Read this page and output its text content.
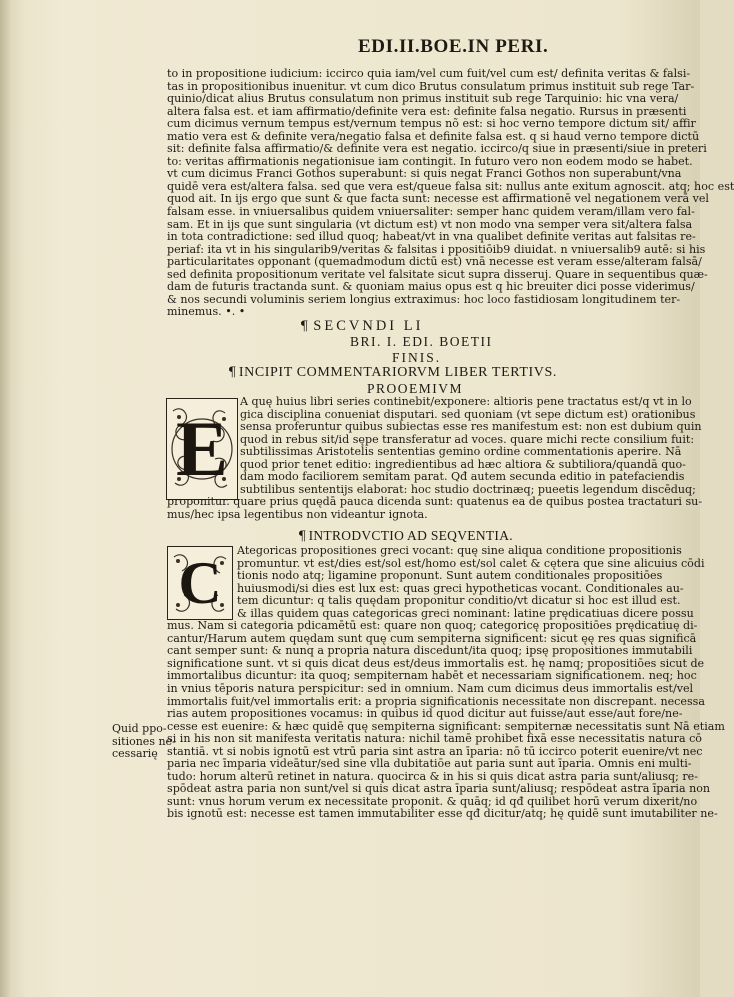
EDI.II.BOE.IN PERI.
to in propositione iudicium: iccirco quia iam/vel cum fuit/vel cum est/ definita veritas & falsi-
tas in propositionibus inuenitur. vt cum dico Brutus consulatum primus instituit sub rege Tar-
quinio/dicat alius Brutus consulatum non primus instituit sub rege Tarquinio: hic vna vera/
altera falsa est. et iam affirmatio/definite vera est: definite falsa negatio. Rursus in præsenti
cum dicimus vernum tempus est/vernum tempus nõ est: si hoc verno tempore dictum sit/ affir
matio vera est & definite vera/negatio falsa et definite falsa est. q si haud verno tempore dictū
sit: definite falsa affirmatio/& definite vera est negatio. iccirco/q siue in præsenti/siue in preteri
to: veritas affirmationis negationisue iam contingit. In futuro vero non eodem modo se habet.
vt cum dicimus Franci Gothos superabunt: si quis negat Franci Gothos non superabunt/vna
quidē vera est/altera falsa. sed que vera est/queue falsa sit: nullus ante exitum agnoscit. atq; hoc est
quod ait. In ijs ergo que sunt & que facta sunt: necesse est affirmationē vel negationem verā vel
falsam esse. in vniuersalibus quidem vniuersaliter: semper hanc quidem veram/illam vero fal-
sam. Et in ijs que sunt singularia (vt dictum est) vt non modo vna semper vera sit/altera falsa
in tota contradictione: sed illud quoq; habeat/vt in vna qualibet definite veritas aut falsitas re-
periaf: ita vt in his singularib9/veritas & falsitas i ppositiōib9 diuidat. n vniuersalib9 autē: si his
particularitates opponant (quemadmodum dictū est) vnā necesse est veram esse/alteram falsā/
sed definita propositionum veritate vel falsitate sicut supra disseruj. Quare in sequentibus quæ-
dam de futuris tractanda sunt. & quoniam maius opus est q hic breuiter dici posse viderimus/
& nos secundi voluminis seriem longius extraximus: hoc loco fastidiosam longitudinem ter-
minemus. •. •
¶ SECVNDI LI
BRI. I. EDI. BOETII
FINIS.
¶ INCIPIT COMMENTARIORVM LIBER TERTIVS.
PROOEMIVM
E
A quę huius libri series continebit/exponere: altioris pene tractatus est/q vt in lo
gica disciplina conueniat disputari. sed quoniam (vt sepe dictum est) orationibus
sensa proferuntur quibus subiectas esse res manifestum est: non est dubium quin
quod in rebus sit/id sępe transferatur ad voces. quare michi recte consilium fuit:
subtilissimas Aristotelis sententias gemino ordine commentationis aperire. Nā
quod prior tenet editio: ingredientibus ad hæc altiora & subtiliora/quandā quo-
dam modo faciliorem semitam parat. Qđ autem secunda editio in patefaciendis
subtilibus sententijs elaborat: hoc studio doctrinæq; pueetis legendum discēduq;
proponitur. quare prius quędā pauca dicenda sunt: quatenus ea de quibus postea tractaturi su-
mus/hec ipsa legentibus non videantur ignota.
¶ INTRODVCTIO AD SEQVENTIA.
C	Ategoricas propositiones greci vocant: quę sine aliqua conditione propositionis
promuntur. vt est/dies est/sol est/homo est/sol calet & cętera que sine alicuius cōdi
tionis nodo atq; ligamine proponunt. Sunt autem conditionales propositiōes
huiusmodi/si dies est lux est: quas greci hypotheticas vocant. Conditionales au-
tem dicuntur: q talis quędam proponitur conditio/vt dicatur si hoc est illud est.
& illas quidem quas categoricas greci nominant: latine prędicatiuas dicere possu
mus. Nam si categoria pdicamētū est: quare non quoq; categoricę propositiōes prędicatiuę di-
cantur/Harum autem quędam sunt quę cum sempiterna significent: sicut ęę res quas significā
cant semper sunt: & nunq a propria natura discedunt/ita quoq; ipsę propositiones immutabili
significatione sunt. vt si quis dicat deus est/deus immortalis est. hę namq; propositiōes sicut de
immortalibus dicuntur: ita quoq; sempiternam habēt et necessariam significationem. neq; hoc
in vnius tēporis natura perspicitur: sed in omnium. Nam cum dicimus deus immortalis est/vel
immortalis fuit/vel immortalis erit: a propria significationis necessitate non discrepant. necessa
rias autem propositiones vocamus: in quibus id quod dicitur aut fuisse/aut esse/aut fore/ne-
cesse est euenire: & hæc quidē quę sempiterna significant: sempiternæ necessitatis sunt Nā etiam
si in his non sit manifesta veritatis natura: nichil tamē prohibet fixā esse necessitatis natura cō
stantiā. vt si nobis ignotū est vtrū paria sint astra an īparia: nō tū iccirco poterit euenire/vt nec
paria nec īmparia videātur/sed sine vlla dubitatiōe aut paria sunt aut īparia. Omnis eni multi-
tudo: horum alterū retinet in natura. quocirca & in his si quis dicat astra paria sunt/aliusq; re-
spōdeat astra paria non sunt/vel si quis dicat astra īparia sunt/aliusq; respōdeat astra īparia non
sunt: vnus horum verum ex necessitate proponit. & quāq; id qđ quilibet horū verum dixerit/no
bis ignotū est: necesse est tamen immutabiliter esse qđ dicitur/atq; hę quidē sunt imutabiliter ne-
Quid ppo-
sitiones ne-
cessarię
